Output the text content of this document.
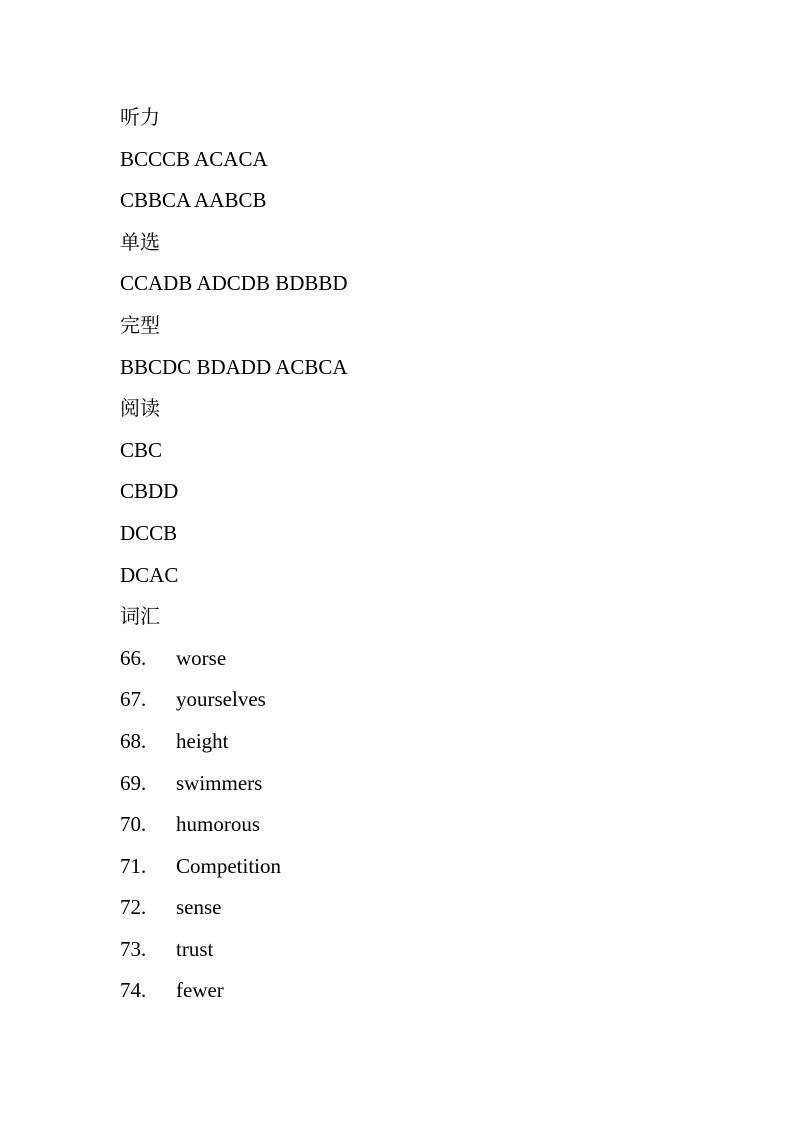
听力
BCCCB ACACA
CBBCA AABCB
单选
CCADB ADCDB BDBBD
完型
BBCDC BDADD ACBCA
阅读
CBC
CBDD
DCCB
DCAC
词汇
66.	worse
67.	yourselves
68.	height
69.	swimmers
70.	humorous
71.	Competition
72.	sense
73.	trust
74.	fewer
